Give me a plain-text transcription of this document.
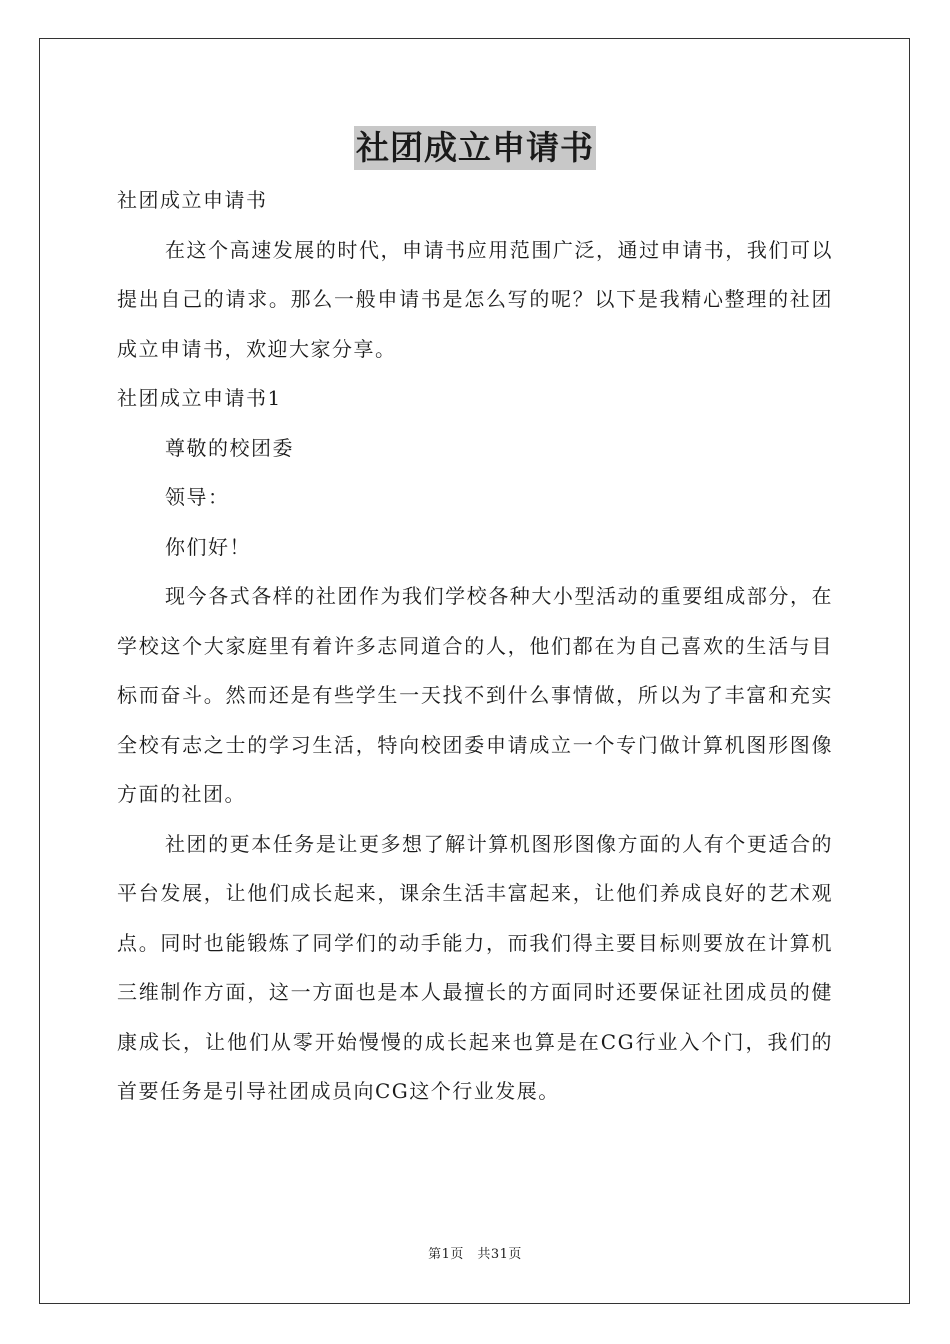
社团成立申请书

社团成立申请书

在这个高速发展的时代，申请书应用范围广泛，通过申请书，我们可以提出自己的请求。那么一般申请书是怎么写的呢？以下是我精心整理的社团成立申请书，欢迎大家分享。

社团成立申请书1

尊敬的校团委

领导：

你们好！

现今各式各样的社团作为我们学校各种大小型活动的重要组成部分，在学校这个大家庭里有着许多志同道合的人，他们都在为自己喜欢的生活与目标而奋斗。然而还是有些学生一天找不到什么事情做，所以为了丰富和充实全校有志之士的学习生活，特向校团委申请成立一个专门做计算机图形图像方面的社团。

社团的更本任务是让更多想了解计算机图形图像方面的人有个更适合的平台发展，让他们成长起来，课余生活丰富起来，让他们养成良好的艺术观点。同时也能锻炼了同学们的动手能力，而我们得主要目标则要放在计算机三维制作方面，这一方面也是本人最擅长的方面同时还要保证社团成员的健康成长，让他们从零开始慢慢的成长起来也算是在CG行业入个门，我们的首要任务是引导社团成员向CG这个行业发展。

第1页　共31页
